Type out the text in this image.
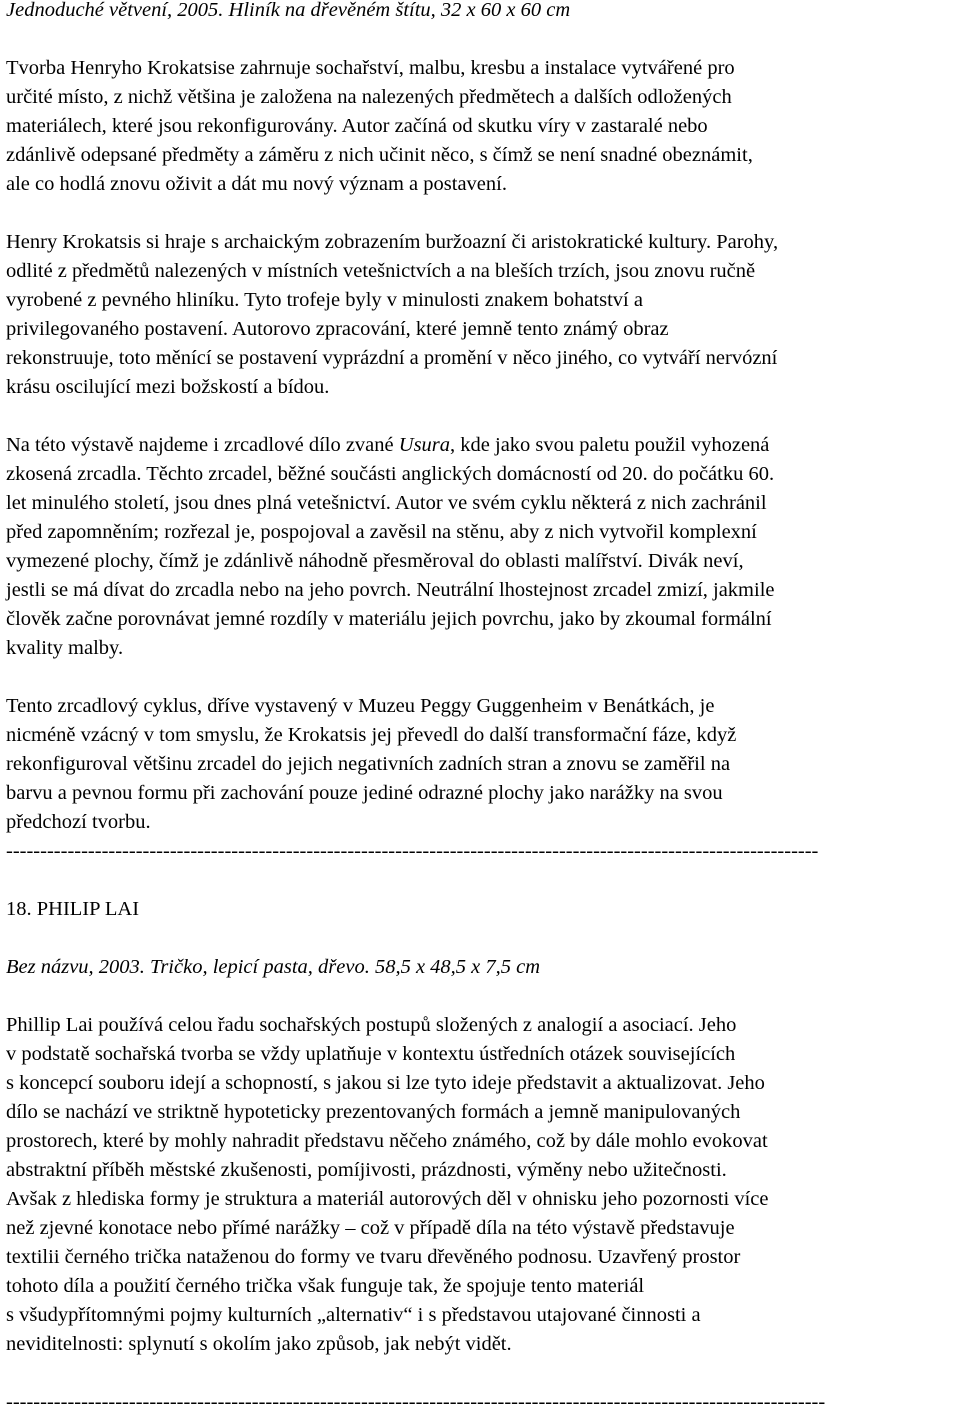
Jednoduché větvení, 2005. Hliník na dřevěném štítu, 32 x 60 x 60 cm
Tvorba Henryho Krokatsise zahrnuje sochařství, malbu, kresbu a instalace vytvářené pro
určité místo, z nichž většina je založena na nalezených předmětech a dalších odložených
materiálech, které jsou rekonfigurovány. Autor začíná od skutku víry v zastaralé nebo
zdánlivě odepsané předměty a záměru z nich učinit něco, s čímž se není snadné obeznámit,
ale co hodlá znovu oživit a dát mu nový význam a postavení.
Henry Krokatsis si hraje s archaickým zobrazením buržoazní či aristokratické kultury. Parohy,
odlité z předmětů nalezených v místních vetešnictvích a na bleších trzích, jsou znovu ručně
vyrobené z pevného hliníku. Tyto trofeje byly v minulosti znakem bohatství a
privilegovaného postavení. Autorovo zpracování, které jemně tento známý obraz
rekonstruuje, toto měnící se postavení vyprázdní a promění v něco jiného, co vytváří nervózní
krásu oscilující mezi božskostí a bídou.
Na této výstavě najdeme i zrcadlové dílo zvané Usura, kde jako svou paletu použil vyhozená
zkosená zrcadla. Těchto zrcadel, běžné součásti anglických domácností od 20. do počátku 60.
let minulého století, jsou dnes plná vetešnictví. Autor ve svém cyklu některá z nich zachránil
před zapomněním; rozřezal je, pospojoval a zavěsil na stěnu, aby z nich vytvořil komplexní
vymezené plochy, čímž je zdánlivě náhodně přesměroval do oblasti malířství. Divák neví,
jestli se má dívat do zrcadla nebo na jeho povrch. Neutrální lhostejnost zrcadel zmizí, jakmile
člověk začne porovnávat jemné rozdíly v materiálu jejich povrchu, jako by zkoumal formální
kvality malby.
Tento zrcadlový cyklus, dříve vystavený v Muzeu Peggy Guggenheim v Benátkách, je
nicméně vzácný v tom smyslu, že Krokatsis jej převedl do další transformační fáze, když
rekonfiguroval většinu zrcadel do jejich negativních zadních stran a znovu se zaměřil na
barvu a pevnou formu při zachování pouze jediné odrazné plochy jako narážky na svou
předchozí tvorbu.
-----------------------------------------------------------------------------------------------------------------------
18. PHILIP LAI
Bez názvu, 2003. Tričko, lepicí pasta, dřevo. 58,5 x 48,5 x 7,5 cm
Phillip Lai používá celou řadu sochařských postupů složených z analogií a asociací. Jeho
v podstatě sochařská tvorba se vždy uplatňuje v kontextu ústředních otázek souvisejících
s koncepcí souboru idejí a schopností, s jakou si lze tyto ideje představit a aktualizovat. Jeho
dílo se nachází ve striktně hypoteticky prezentovaných formách a jemně manipulovaných
prostorech, které by mohly nahradit představu něčeho známého, což by dále mohlo evokovat
abstraktní příběh městské zkušenosti, pomíjivosti, prázdnosti, výměny nebo užitečnosti.
Avšak z hlediska formy je struktura a materiál autorových děl v ohnisku jeho pozornosti více
než zjevné konotace nebo přímé narážky – což v případě díla na této výstavě představuje
textilii černého trička nataženou do formy ve tvaru dřevěného podnosu. Uzavřený prostor
tohoto díla a použití černého trička však funguje tak, že spojuje tento materiál
s všudypřítomnými pojmy kulturních „alternativ“ i s představou utajované činnosti a
neviditelnosti: splynutí s okolím jako způsob, jak nebýt vidět.
------------------------------------------------------------------------------------------------------------------------
